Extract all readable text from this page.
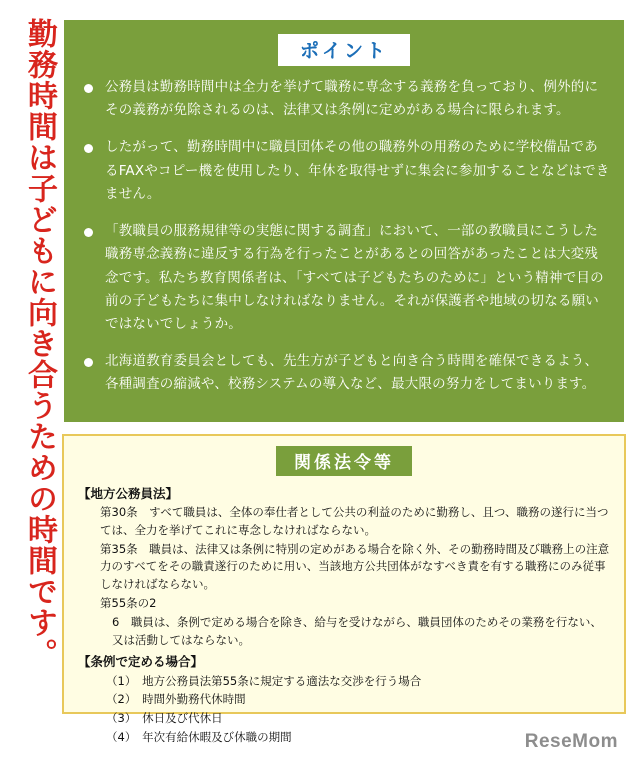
勤務時間は子どもに向き合うための時間です。	ポイント
公務員は勤務時間中は全力を挙げて職務に専念する義務を負っており、例外的にその義務が免除されるのは、法律又は条例に定めがある場合に限られます。
したがって、勤務時間中に職員団体その他の職務外の用務のために学校備品であるFAXやコピー機を使用したり、年休を取得せずに集会に参加することなどはできません。
「教職員の服務規律等の実態に関する調査」において、一部の教職員にこうした職務専念義務に違反する行為を行ったことがあるとの回答があったことは大変残念です。私たち教育関係者は、「すべては子どもたちのために」という精神で目の前の子どもたちに集中しなければなりません。それが保護者や地域の切なる願いではないでしょうか。
北海道教育委員会としても、先生方が子どもと向き合う時間を確保できるよう、各種調査の縮減や、校務システムの導入など、最大限の努力をしてまいります。
関係法令等
【地方公務員法】
第30条　すべて職員は、全体の奉仕者として公共の利益のために勤務し、且つ、職務の遂行に当つては、全力を挙げてこれに専念しなければならない。
第35条　職員は、法律又は条例に特別の定めがある場合を除く外、その勤務時間及び職務上の注意力のすべてをその職責遂行のために用い、当該地方公共団体がなすべき責を有する職務にのみ従事しなければならない。
第55条の2
6　職員は、条例で定める場合を除き、給与を受けながら、職員団体のためその業務を行ない、又は活動してはならない。
【条例で定める場合】
（1）　地方公務員法第55条に規定する適法な交渉を行う場合
（2）　時間外勤務代休時間
（3）　休日及び代休日
（4）　年次有給休暇及び休職の期間	ReseMom
